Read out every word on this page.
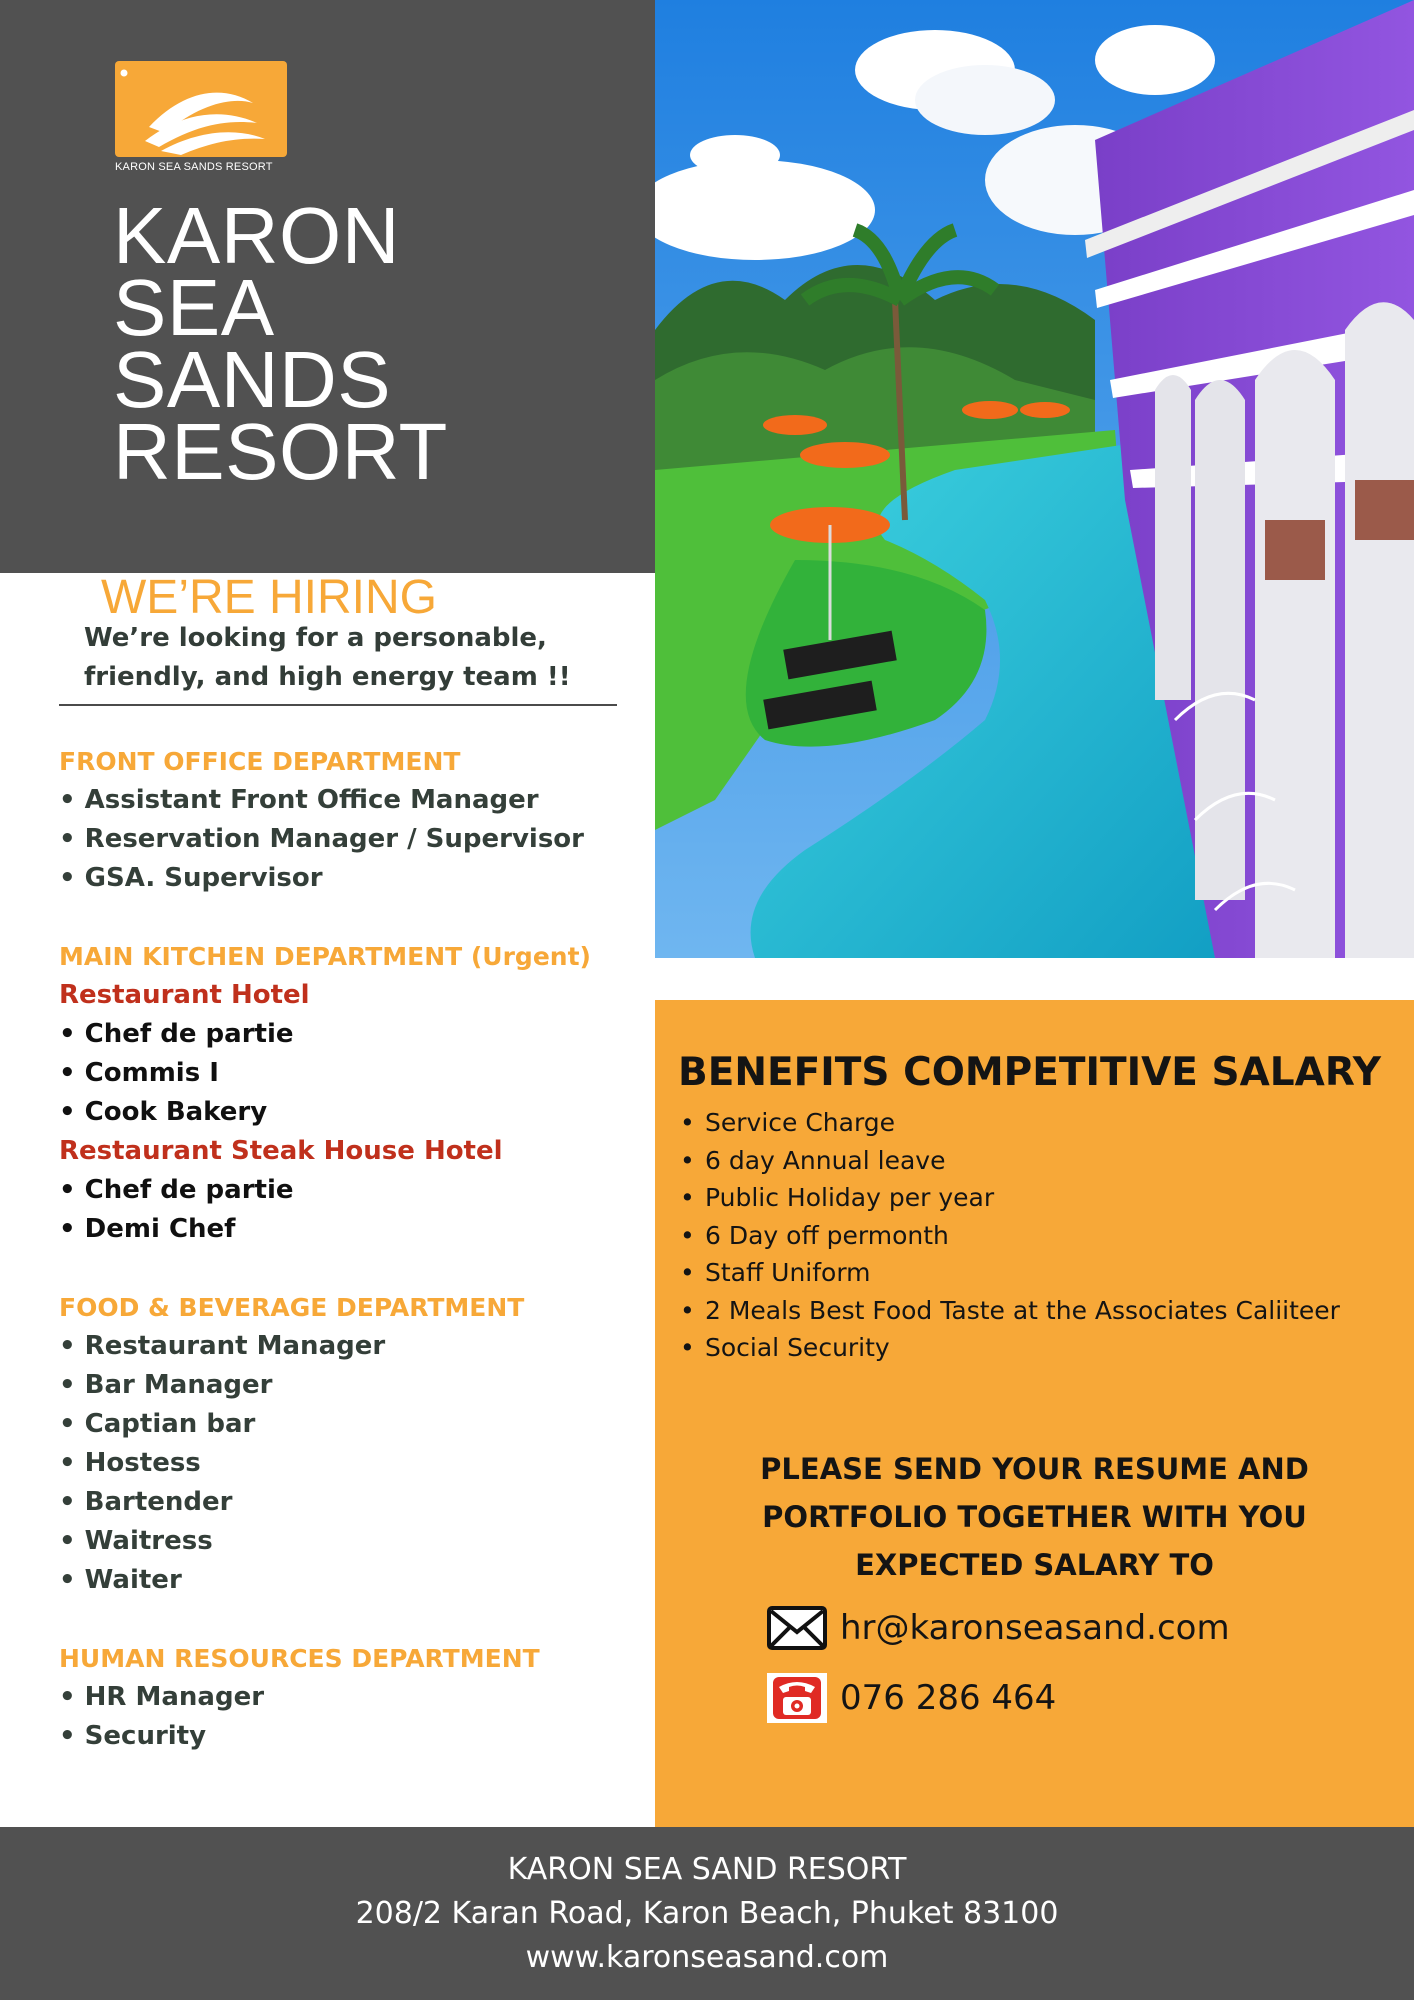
KARON SEA SANDS RESORT
KARON
SEA
SANDS
RESORT
WE’RE HIRING
We’re looking for a personable,
friendly, and high energy team !!
FRONT OFFICE DEPARTMENT
• Assistant Front Office Manager
• Reservation Manager / Supervisor
• GSA. Supervisor
MAIN KITCHEN DEPARTMENT (Urgent)
Restaurant Hotel
• Chef de partie
• Commis I
• Cook Bakery
Restaurant Steak House Hotel
• Chef de partie
• Demi Chef
FOOD & BEVERAGE DEPARTMENT
• Restaurant Manager
• Bar Manager
• Captian bar
• Hostess
• Bartender
• Waitress
• Waiter
HUMAN RESOURCES DEPARTMENT
• HR Manager
• Security
BENEFITS COMPETITIVE SALARY
• Service Charge
• 6 day Annual leave
• Public Holiday per year
• 6 Day off permonth
• Staff Uniform
• 2 Meals Best Food Taste at the Associates Caliiteer
• Social Security
PLEASE SEND YOUR RESUME AND
PORTFOLIO TOGETHER WITH YOU
EXPECTED SALARY TO
hr@karonseasand.com
076 286 464
KARON SEA SAND RESORT
208/2 Karan Road, Karon Beach, Phuket 83100
www.karonseasand.com
